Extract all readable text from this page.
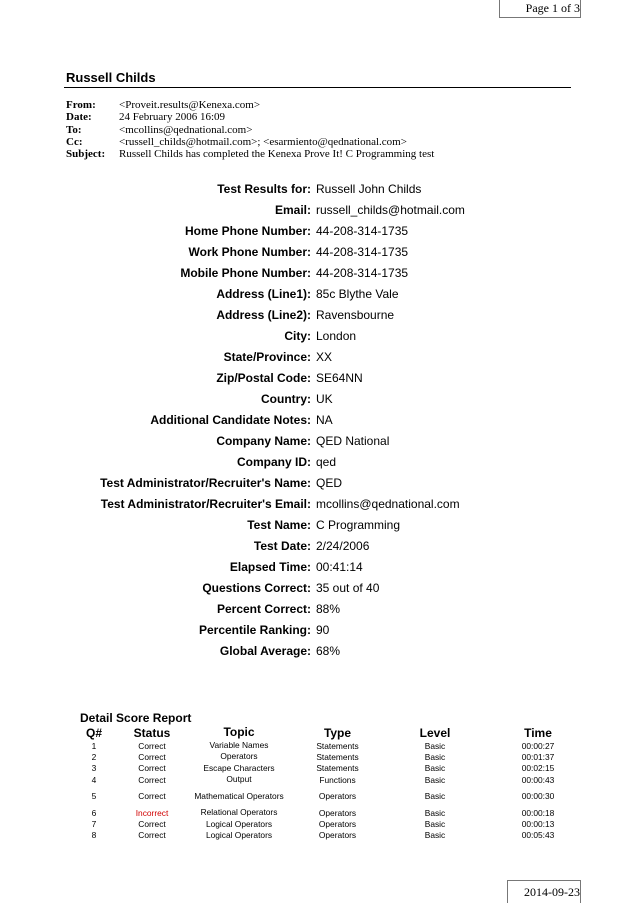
Page 1 of 3
Russell Childs
From:	<Proveit.results@Kenexa.com>
Date:	24 February 2006 16:09
To:	<mcollins@qednational.com>
Cc:	<russell_childs@hotmail.com>; <esarmiento@qednational.com>
Subject:	Russell Childs has completed the Kenexa Prove It! C Programming test
Test Results for: Russell John Childs
Email: russell_childs@hotmail.com
Home Phone Number: 44-208-314-1735
Work Phone Number: 44-208-314-1735
Mobile Phone Number: 44-208-314-1735
Address (Line1): 85c Blythe Vale
Address (Line2): Ravensbourne
City: London
State/Province: XX
Zip/Postal Code: SE64NN
Country: UK
Additional Candidate Notes: NA
Company Name: QED National
Company ID: qed
Test Administrator/Recruiter's Name: QED
Test Administrator/Recruiter's Email: mcollins@qednational.com
Test Name: C Programming
Test Date: 2/24/2006
Elapsed Time: 00:41:14
Questions Correct: 35 out of 40
Percent Correct: 88%
Percentile Ranking: 90
Global Average: 68%
Detail Score Report
Q#	Status	Topic	Type	Level	Time
1	Correct	Variable Names	Statements	Basic	00:00:27
2	Correct	Operators	Statements	Basic	00:01:37
3	Correct	Escape Characters	Statements	Basic	00:02:15
4	Correct	Output	Functions	Basic	00:00:43
5	Correct	Mathematical Operators	Operators	Basic	00:00:30
6	Incorrect	Relational Operators	Operators	Basic	00:00:18
7	Correct	Logical Operators	Operators	Basic	00:00:13
8	Correct	Logical Operators	Operators	Basic	00:05:43
2014-09-23
